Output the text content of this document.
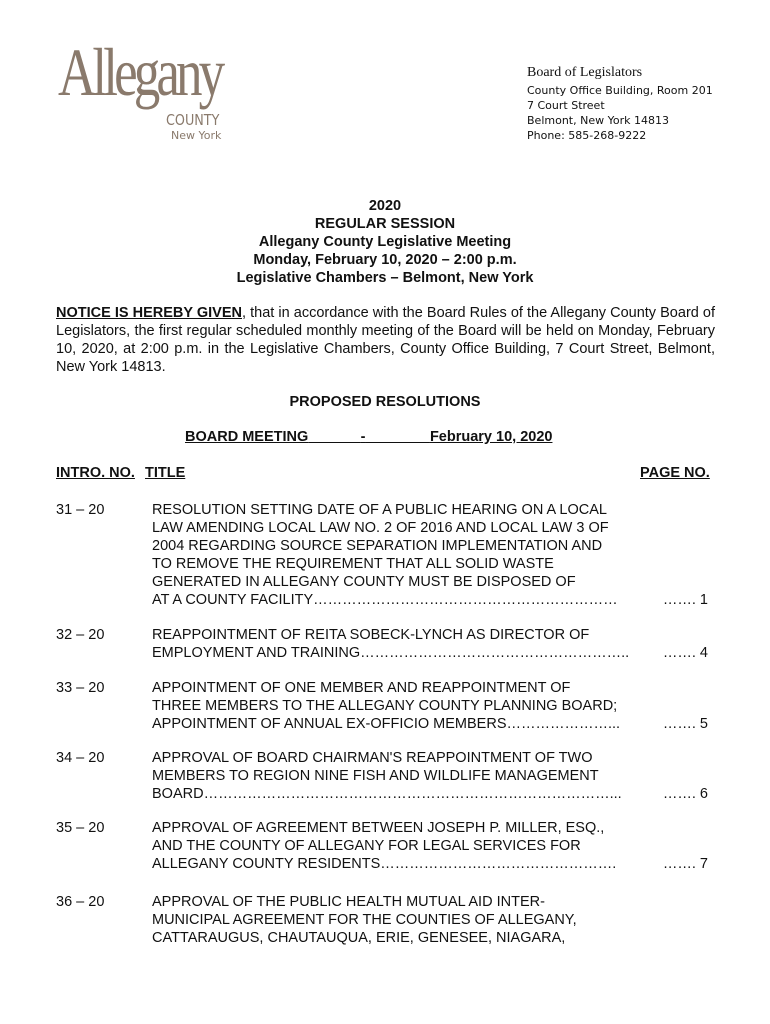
Allegany
COUNTY
New York
Board of Legislators
County Office Building, Room 201
7 Court Street
Belmont, New York 14813
Phone: 585-268-9222
2020
REGULAR SESSION
Allegany County Legislative Meeting
Monday, February 10, 2020 – 2:00 p.m.
Legislative Chambers – Belmont, New York
NOTICE IS HEREBY GIVEN, that in accordance with the Board Rules of the Allegany County Board of Legislators, the first regular scheduled monthly meeting of the Board will be held on Monday, February 10, 2020, at 2:00 p.m. in the Legislative Chambers, County Office Building, 7 Court Street, Belmont, New York 14813.
PROPOSED RESOLUTIONS
BOARD MEETING	-	February 10, 2020
INTRO. NO. TITLE	PAGE NO.
31 – 20	RESOLUTION SETTING DATE OF A PUBLIC HEARING ON A LOCAL
LAW AMENDING LOCAL LAW NO. 2 OF 2016 AND LOCAL LAW 3 OF
2004 REGARDING SOURCE SEPARATION IMPLEMENTATION AND
TO REMOVE THE REQUIREMENT THAT ALL SOLID WASTE
GENERATED IN ALLEGANY COUNTY MUST BE DISPOSED OF
AT A COUNTY FACILITY………………………………………………………	……. 1
32 – 20	REAPPOINTMENT OF REITA SOBECK-LYNCH AS DIRECTOR OF
EMPLOYMENT AND TRAINING………………………………………………..	……. 4
33 – 20	APPOINTMENT OF ONE MEMBER AND REAPPOINTMENT OF
THREE MEMBERS TO THE ALLEGANY COUNTY PLANNING BOARD;
APPOINTMENT OF ANNUAL EX-OFFICIO MEMBERS…………………...	……. 5
34 – 20	APPROVAL OF BOARD CHAIRMAN'S REAPPOINTMENT OF TWO
MEMBERS TO REGION NINE FISH AND WILDLIFE MANAGEMENT
BOARD…………………………………………………………………………...	……. 6
35 – 20	APPROVAL OF AGREEMENT BETWEEN JOSEPH P. MILLER, ESQ.,
AND THE COUNTY OF ALLEGANY FOR LEGAL SERVICES FOR
ALLEGANY COUNTY RESIDENTS………………………………………….	……. 7
36 – 20	APPROVAL OF THE PUBLIC HEALTH MUTUAL AID INTER-
MUNICIPAL AGREEMENT FOR THE COUNTIES OF ALLEGANY,
CATTARAUGUS, CHAUTAUQUA, ERIE, GENESEE, NIAGARA,
